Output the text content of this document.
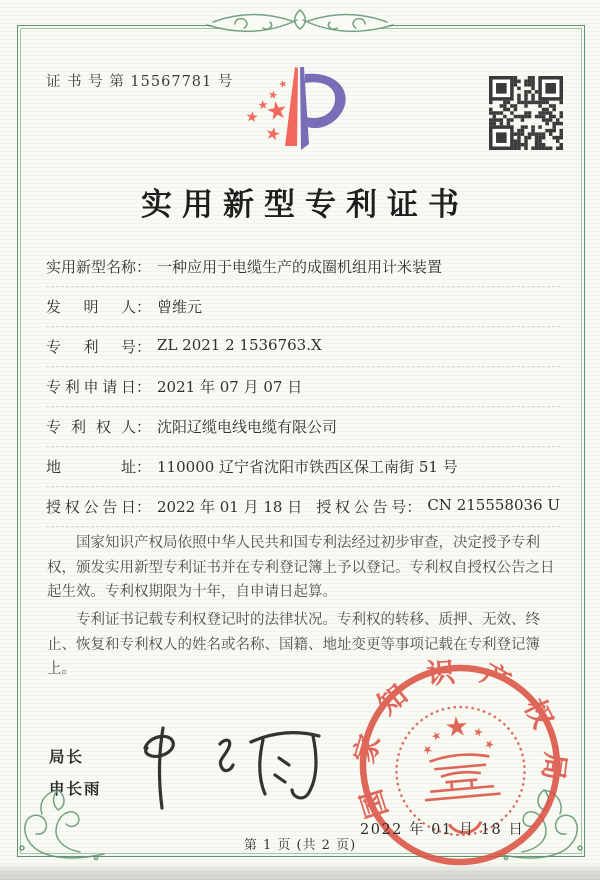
证 书 号 第 15567781 号
实用新型专利证书
实用新型名称 ： 一种应用于电缆生产的成圈机组用计米装置
发明人 ： 曾维元
专利号 ： ZL 2021 2 1536763.X
专利申请日 ： 2021 年 07 月 07 日
专利权人 ： 沈阳辽缆电线电缆有限公司
地址 ： 110000 辽宁省沈阳市铁西区保工南街 51 号
授权公告日 ： 2022 年 01 月 18 日 授权公告号 ： CN 215558036 U

国家知识产权局依照中华人民共和国专利法经过初步审查，决定授予专利权，颁发实用新型专利证书并在专利登记簿上予以登记。专利权自授权公告之日起生效。专利权期限为十年，自申请日起算。

专利证书记载专利权登记时的法律状况。专利权的转移、质押、无效、终止、恢复和专利权人的姓名或名称、国籍、地址变更等事项记载在专利登记簿上。

局长
申长雨	国家知识产权局
2022 年 01 月 18 日
第 1 页 (共 2 页)
